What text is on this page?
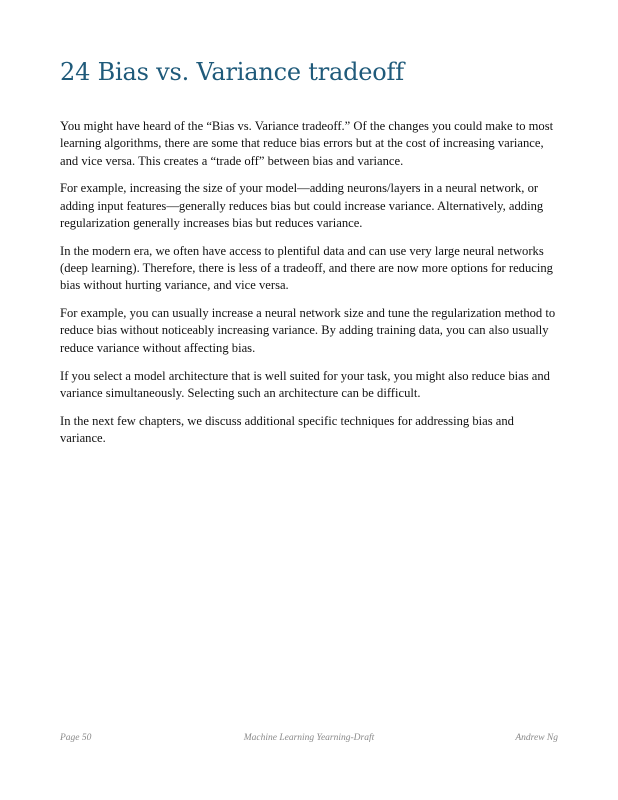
24 Bias vs. Variance tradeoff

You might have heard of the “Bias vs. Variance tradeoff.” Of the changes you could make to most learning algorithms, there are some that reduce bias errors but at the cost of increasing variance, and vice versa. This creates a “trade off” between bias and variance.

For example, increasing the size of your model—adding neurons/layers in a neural network, or adding input features—generally reduces bias but could increase variance. Alternatively, adding regularization generally increases bias but reduces variance.

In the modern era, we often have access to plentiful data and can use very large neural networks (deep learning). Therefore, there is less of a tradeoff, and there are now more options for reducing bias without hurting variance, and vice versa.

For example, you can usually increase a neural network size and tune the regularization method to reduce bias without noticeably increasing variance. By adding training data, you can also usually reduce variance without affecting bias.

If you select a model architecture that is well suited for your task, you might also reduce bias and variance simultaneously. Selecting such an architecture can be difficult.

In the next few chapters, we discuss additional specific techniques for addressing bias and variance.

Page 50	Machine Learning Yearning-Draft	Andrew Ng
